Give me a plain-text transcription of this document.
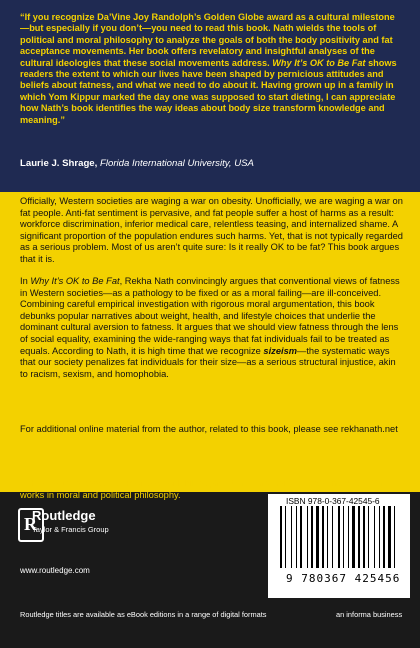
“If you recognize Da’Vine Joy Randolph’s Golden Globe award as a cultural milestone—but especially if you don’t—you need to read this book. Nath wields the tools of political and moral philosophy to analyze the goals of both the body positivity and fat acceptance movements. Her book offers revelatory and insightful analyses of the cultural ideologies that these social movements address. Why It’s OK to Be Fat shows readers the extent to which our lives have been shaped by pernicious attitudes and beliefs about fatness, and what we need to do about it. Having grown up in a family in which Yom Kippur marked the day one was supposed to start dieting, I can appreciate how Nath’s book identifies the way ideas about body size transform knowledge and meaning.”
Laurie J. Shrage, Florida International University, USA
Officially, Western societies are waging a war on obesity. Unofficially, we are waging a war on fat people. Anti-fat sentiment is pervasive, and fat people suffer a host of harms as a result: workforce discrimination, inferior medical care, relentless teasing, and internalized shame. A significant proportion of the population endures such harms. Yet, that is not typically regarded as a serious problem. Most of us aren’t quite sure: Is it really OK to be fat? This book argues that it is.
In Why It’s OK to Be Fat, Rekha Nath convincingly argues that conventional views of fatness in Western societies—as a pathology to be fixed or as a moral failing—are ill-conceived. Combining careful empirical investigation with rigorous moral argumentation, this book debunks popular narratives about weight, health, and lifestyle choices that underlie the dominant cultural aversion to fatness. It argues that we should view fatness through the lens of social equality, examining the wide-ranging ways that fat individuals fail to be treated as equals. According to Nath, it is high time that we recognize sizeism—the systematic ways that our society penalizes fat individuals for their size—as a serious structural injustice, akin to racism, sexism, and homophobia.
For additional online material from the author, related to this book, please see rekhanath.net
Rekha Nath is Associate Professor of Philosophy at the University of Alabama, USA. She works in moral and political philosophy.
R
Routledge
Taylor & Francis Group
www.routledge.com
Routledge titles are available as eBook editions in a range of digital formats	an informa business
9 780367 425456
ISBN 978-0-367-42545-6
